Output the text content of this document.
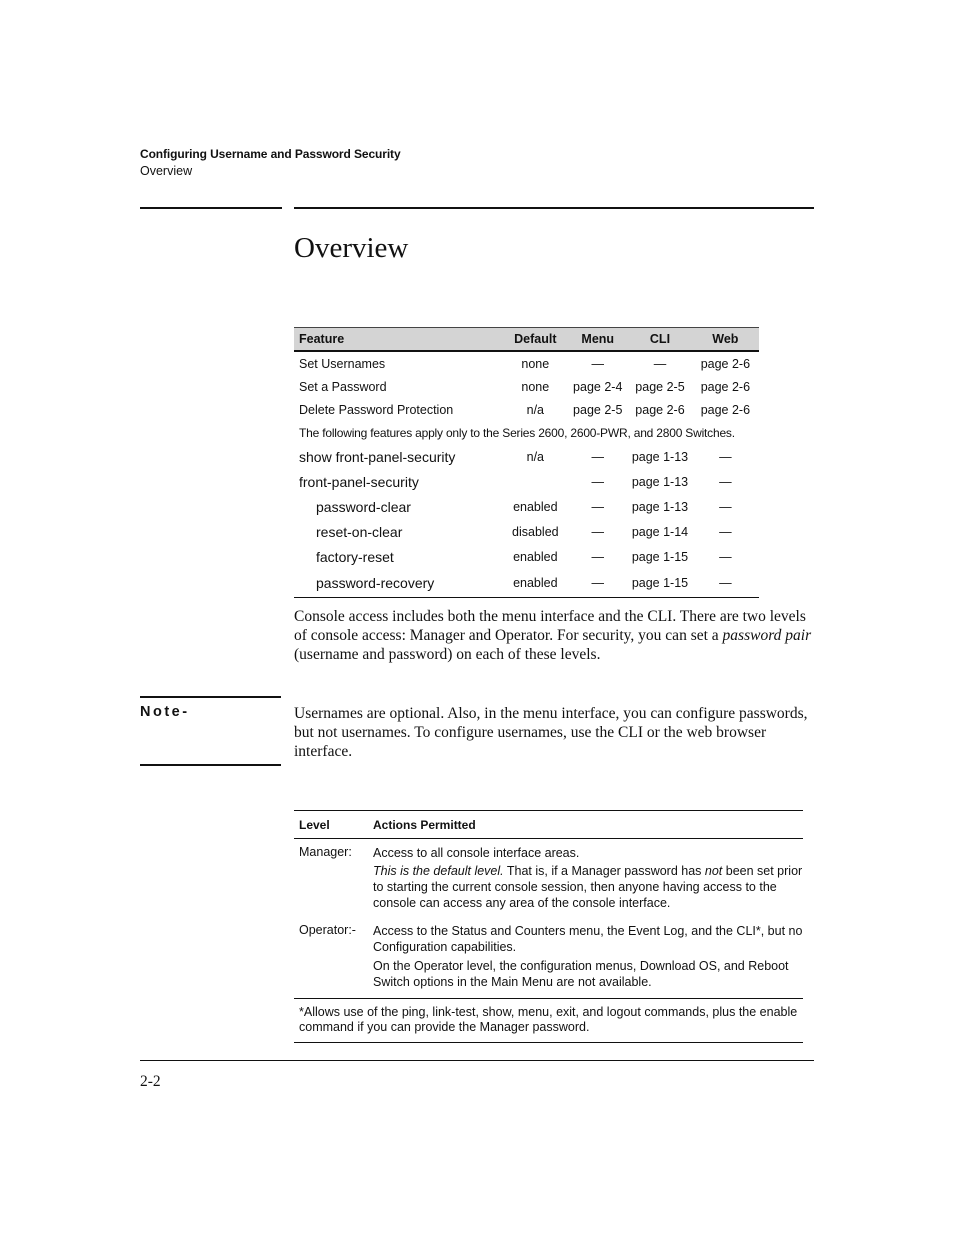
Configuring Username and Password Security
Overview
Overview
Feature	Default	Menu	CLI	Web
Set Usernames	none	—	—	page 2-6
Set a Password	none	page 2-4	page 2-5	page 2-6
Delete Password Protection	n/a	page 2-5	page 2-6	page 2-6
The following features apply only to the Series 2600, 2600-PWR, and 2800 Switches.				
show front-panel-security	n/a	—	page 1-13	—
front-panel-security		—	page 1-13	—
password-clear	enabled	—	page 1-13	—
reset-on-clear	disabled	—	page 1-14	—
factory-reset	enabled	—	page 1-15	—
password-recovery	enabled	—	page 1-15	—
Console access includes both the menu interface and the CLI. There are two levels of console access: Manager and Operator. For security, you can set a password pair (username and password) on each of these levels.
Note-	Usernames are optional. Also, in the menu interface, you can configure passwords, but not usernames. To configure usernames, use the CLI or the web browser interface.
Level	Actions Permitted
Manager: Access to all console interface areas.
This is the default level. That is, if a Manager password has not been set prior to starting the current console session, then anyone having access to the console can access any area of the console interface.
Operator:- Access to the Status and Counters menu, the Event Log, and the CLI*, but no Configuration capabilities.
On the Operator level, the configuration menus, Download OS, and Reboot Switch options in the Main Menu are not available.
*Allows use of the ping, link-test, show, menu, exit, and logout commands, plus the enable command if you can provide the Manager password.
2-2
